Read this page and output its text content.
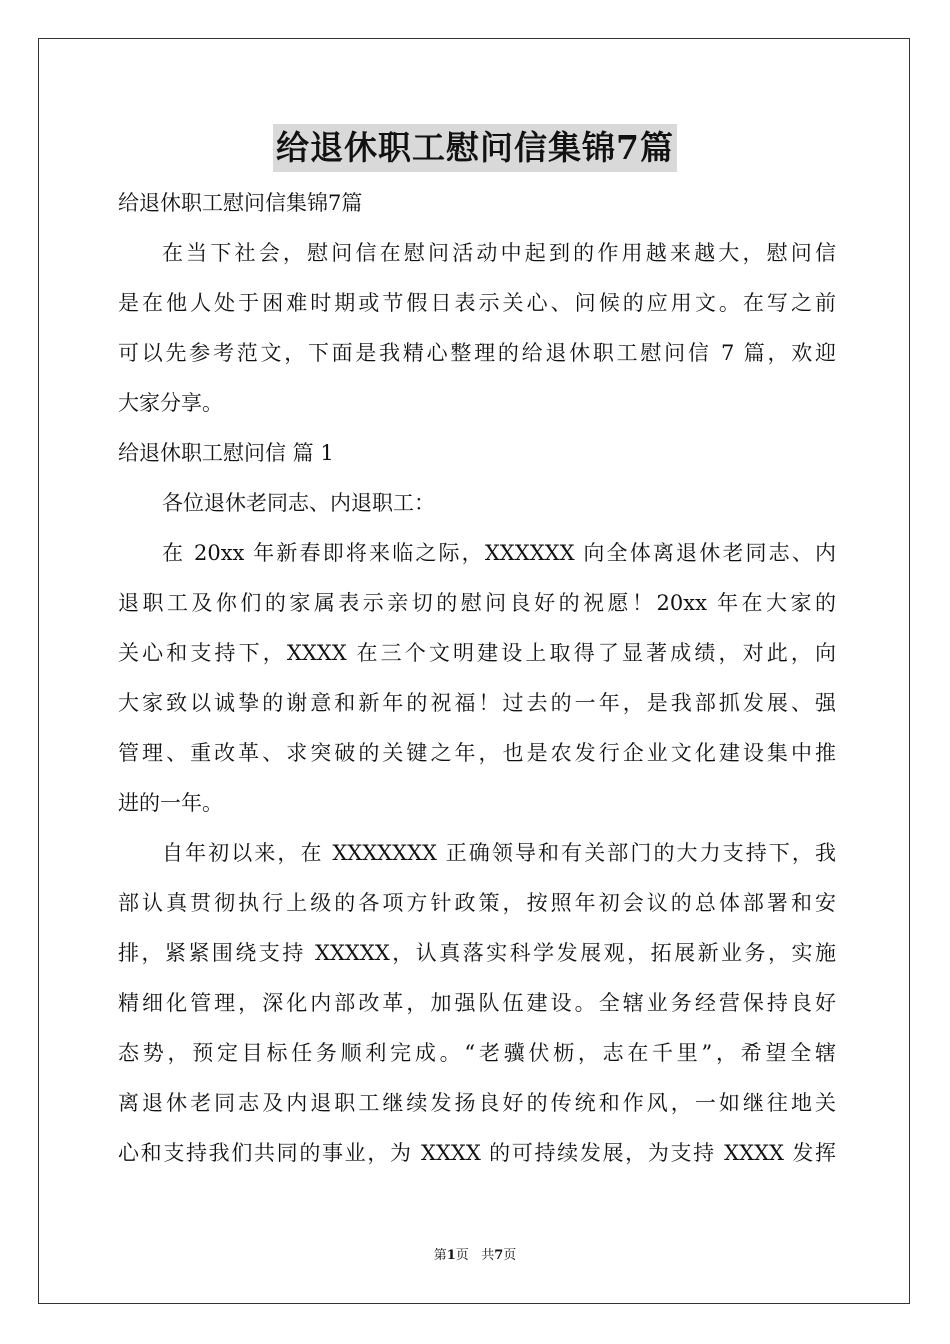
给退休职工慰问信集锦7篇
给退休职工慰问信集锦7篇
在当下社会，慰问信在慰问活动中起到的作用越来越大，慰问信
是在他人处于困难时期或节假日表示关心、问候的应用文。在写之前
可以先参考范文，下面是我精心整理的给退休职工慰问信 7 篇，欢迎
大家分享。
给退休职工慰问信 篇 1
各位退休老同志、内退职工：
在 20xx 年新春即将来临之际，XXXXXX 向全体离退休老同志、内
退职工及你们的家属表示亲切的慰问良好的祝愿！20xx 年在大家的
关心和支持下，XXXX 在三个文明建设上取得了显著成绩，对此，向
大家致以诚挚的谢意和新年的祝福！过去的一年，是我部抓发展、强
管理、重改革、求突破的关键之年，也是农发行企业文化建设集中推
进的一年。
自年初以来，在 XXXXXXX 正确领导和有关部门的大力支持下，我
部认真贯彻执行上级的各项方针政策，按照年初会议的总体部署和安
排，紧紧围绕支持 XXXXX，认真落实科学发展观，拓展新业务，实施
精细化管理，深化内部改革，加强队伍建设。全辖业务经营保持良好
态势，预定目标任务顺利完成。“老骥伏枥，志在千里”，希望全辖
离退休老同志及内退职工继续发扬良好的传统和作风，一如继往地关
心和支持我们共同的事业，为 XXXX 的可持续发展，为支持 XXXX 发挥
第1页 共7页
